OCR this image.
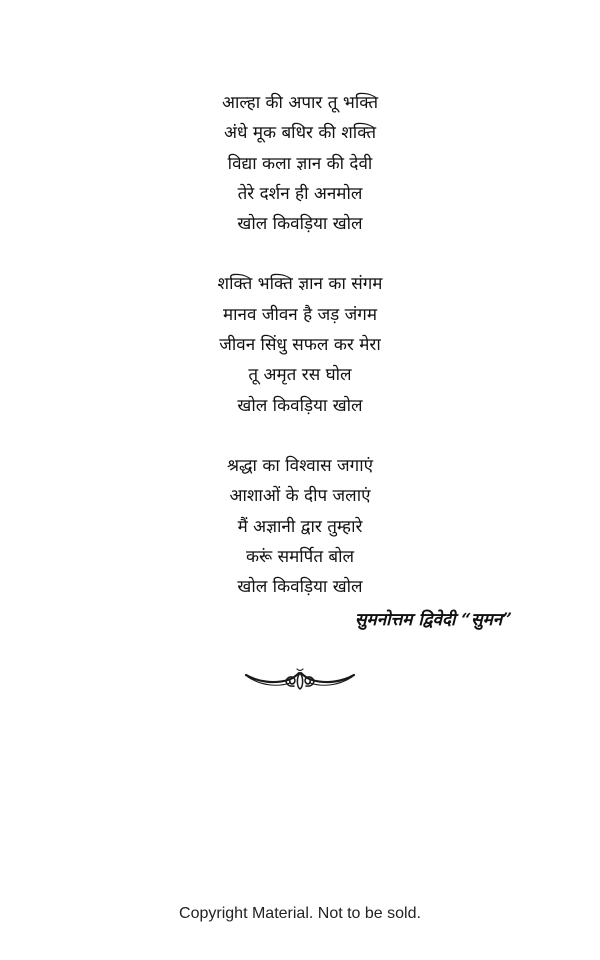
आल्हा की अपार तू भक्ति
अंधे मूक बधिर की शक्ति
विद्या कला ज्ञान की देवी
तेरे दर्शन ही अनमोल
खोल किवड़िया खोल
शक्ति भक्ति ज्ञान का संगम
मानव जीवन है जड़ जंगम
जीवन सिंधु सफल कर मेरा
तू अमृत रस घोल
खोल किवड़िया खोल
श्रद्धा का विश्वास जगाएं
आशाओं के दीप जलाएं
मैं अज्ञानी द्वार तुम्हारे
करूं समर्पित बोल
खोल किवड़िया खोल
सुमनोत्तम द्विवेदी “सुमन”
Copyright Material. Not to be sold.
